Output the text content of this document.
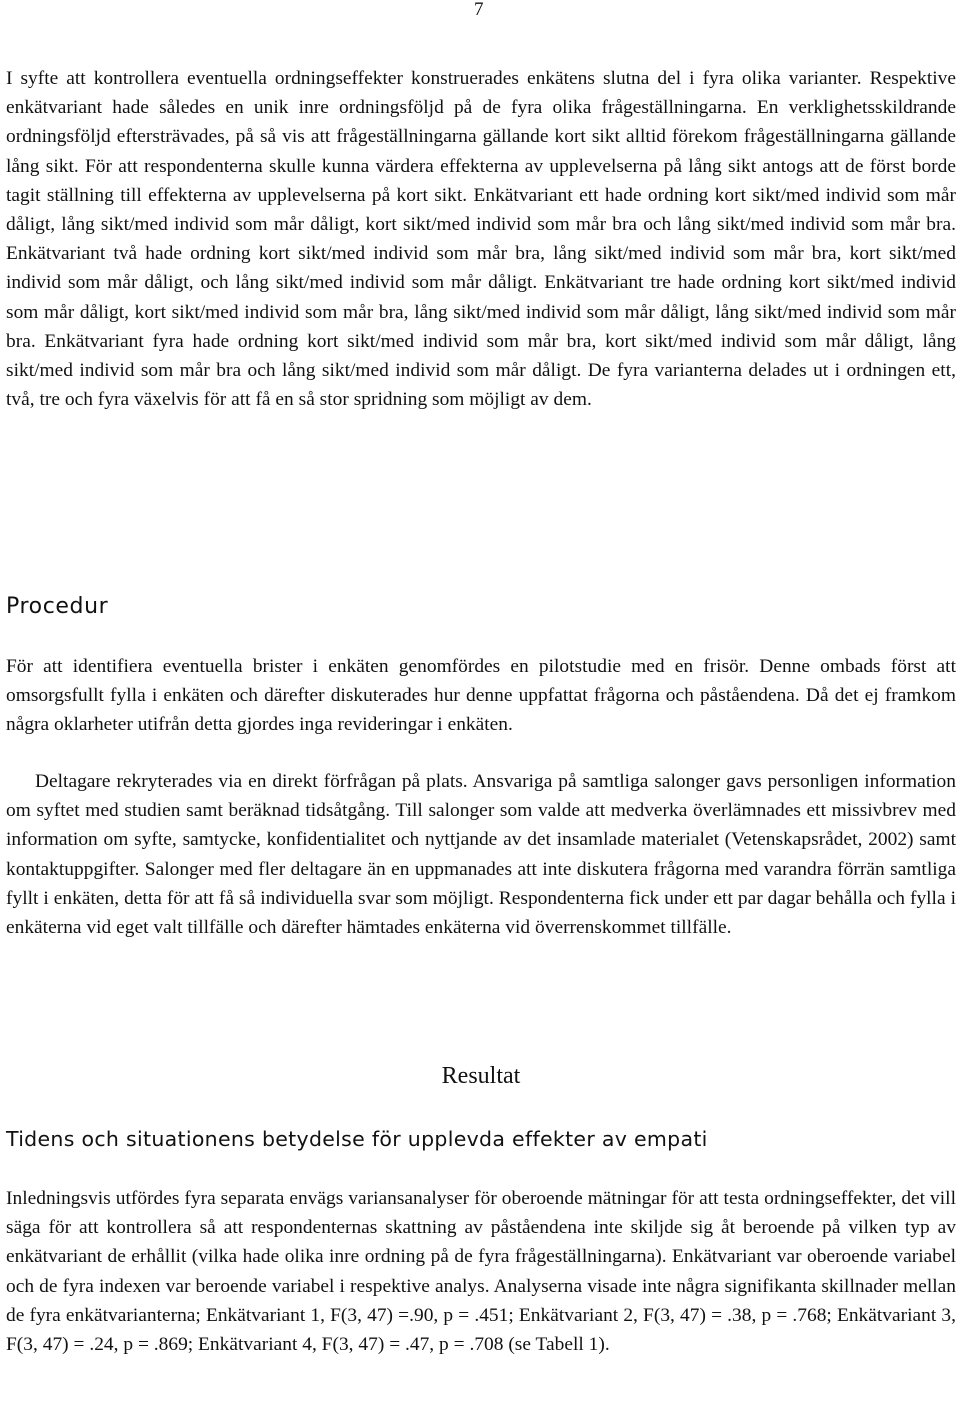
7

I syfte att kontrollera eventuella ordningseffekter konstruerades enkätens slutna del i fyra olika varianter. Respektive enkätvariant hade således en unik inre ordningsföljd på de fyra olika frågeställningarna. En verklighetsskildrande ordningsföljd eftersträvades, på så vis att frågeställningarna gällande kort sikt alltid förekom frågeställningarna gällande lång sikt. För att respondenterna skulle kunna värdera effekterna av upplevelserna på lång sikt antogs att de först borde tagit ställning till effekterna av upplevelserna på kort sikt. Enkätvariant ett hade ordning kort sikt/med individ som mår dåligt, lång sikt/med individ som mår dåligt, kort sikt/med individ som mår bra och lång sikt/med individ som mår bra. Enkätvariant två hade ordning kort sikt/med individ som mår bra, lång sikt/med individ som mår bra, kort sikt/med individ som mår dåligt, och lång sikt/med individ som mår dåligt. Enkätvariant tre hade ordning kort sikt/med individ som mår dåligt, kort sikt/med individ som mår bra, lång sikt/med individ som mår dåligt, lång sikt/med individ som mår bra. Enkätvariant fyra hade ordning kort sikt/med individ som mår bra, kort sikt/med individ som mår dåligt, lång sikt/med individ som mår bra och lång sikt/med individ som mår dåligt. De fyra varianterna delades ut i ordningen ett, två, tre och fyra växelvis för att få en så stor spridning som möjligt av dem.

Procedur

För att identifiera eventuella brister i enkäten genomfördes en pilotstudie med en frisör. Denne ombads först att omsorgsfullt fylla i enkäten och därefter diskuterades hur denne uppfattat frågorna och påståendena. Då det ej framkom några oklarheter utifrån detta gjordes inga revideringar i enkäten.

Deltagare rekryterades via en direkt förfrågan på plats. Ansvariga på samtliga salonger gavs personligen information om syftet med studien samt beräknad tidsåtgång. Till salonger som valde att medverka överlämnades ett missivbrev med information om syfte, samtycke, konfidentialitet och nyttjande av det insamlade materialet (Vetenskapsrådet, 2002) samt kontaktuppgifter. Salonger med fler deltagare än en uppmanades att inte diskutera frågorna med varandra förrän samtliga fyllt i enkäten, detta för att få så individuella svar som möjligt. Respondenterna fick under ett par dagar behålla och fylla i enkäterna vid eget valt tillfälle och därefter hämtades enkäterna vid överrenskommet tillfälle.

Resultat
Tidens och situationens betydelse för upplevda effekter av empati

Inledningsvis utfördes fyra separata envägs variansanalyser för oberoende mätningar för att testa ordningseffekter, det vill säga för att kontrollera så att respondenternas skattning av påståendena inte skiljde sig åt beroende på vilken typ av enkätvariant de erhållit (vilka hade olika inre ordning på de fyra frågeställningarna). Enkätvariant var oberoende variabel och de fyra indexen var beroende variabel i respektive analys. Analyserna visade inte några signifikanta skillnader mellan de fyra enkätvarianterna; Enkätvariant 1, F(3, 47) =.90, p = .451; Enkätvariant 2, F(3, 47) = .38, p = .768; Enkätvariant 3, F(3, 47) = .24, p = .869; Enkätvariant 4, F(3, 47) = .47, p = .708 (se Tabell 1).
